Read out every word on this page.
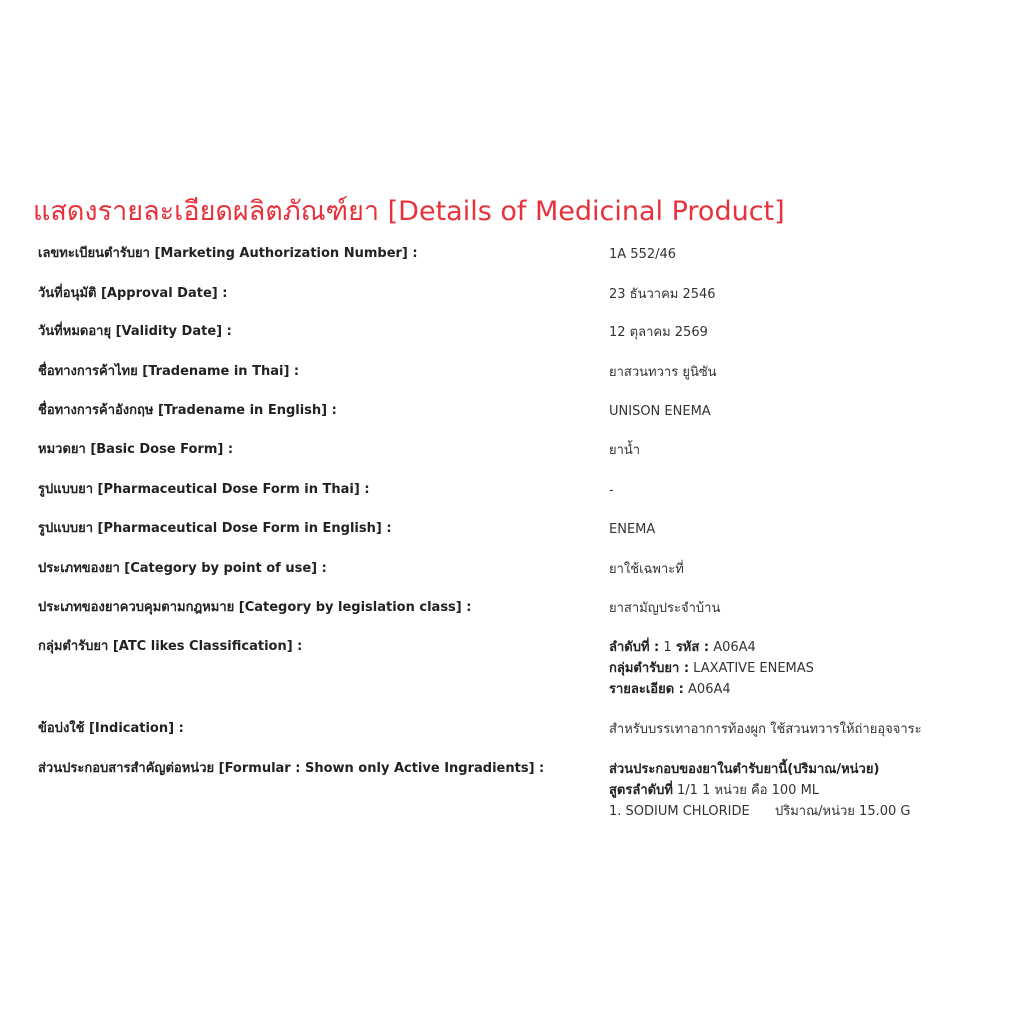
แสดงรายละเอียดผลิตภัณฑ์ยา [Details of Medicinal Product]
เลขทะเบียนตำรับยา [Marketing Authorization Number] :	1A 552/46
วันที่อนุมัติ [Approval Date] :	23 ธันวาคม 2546
วันที่หมดอายุ [Validity Date] :	12 ตุลาคม 2569
ชื่อทางการค้าไทย [Tradename in Thai] :	ยาสวนทวาร ยูนิซัน
ชื่อทางการค้าอังกฤษ [Tradename in English] :	UNISON ENEMA
หมวดยา [Basic Dose Form] :	ยาน้ำ
รูปแบบยา [Pharmaceutical Dose Form in Thai] :	-
รูปแบบยา [Pharmaceutical Dose Form in English] :	ENEMA
ประเภทของยา [Category by point of use] :	ยาใช้เฉพาะที่
ประเภทของยาควบคุมตามกฎหมาย [Category by legislation class] :	ยาสามัญประจำบ้าน
กลุ่มตำรับยา [ATC likes Classification] :	ลำดับที่ : 1 รหัส : A06A4
กลุ่มตำรับยา : LAXATIVE ENEMAS
รายละเอียด : A06A4
ข้อบ่งใช้ [Indication] :	สำหรับบรรเทาอาการท้องผูก ใช้สวนทวารให้ถ่ายอุจจาระ
ส่วนประกอบสารสำคัญต่อหน่วย [Formular : Shown only Active Ingradients] :	ส่วนประกอบของยาในตำรับยานี้(ปริมาณ/หน่วย)
สูตรลำดับที่ 1/1 1 หน่วย คือ 100 ML
1. SODIUM CHLORIDE ปริมาณ/หน่วย 15.00 G
